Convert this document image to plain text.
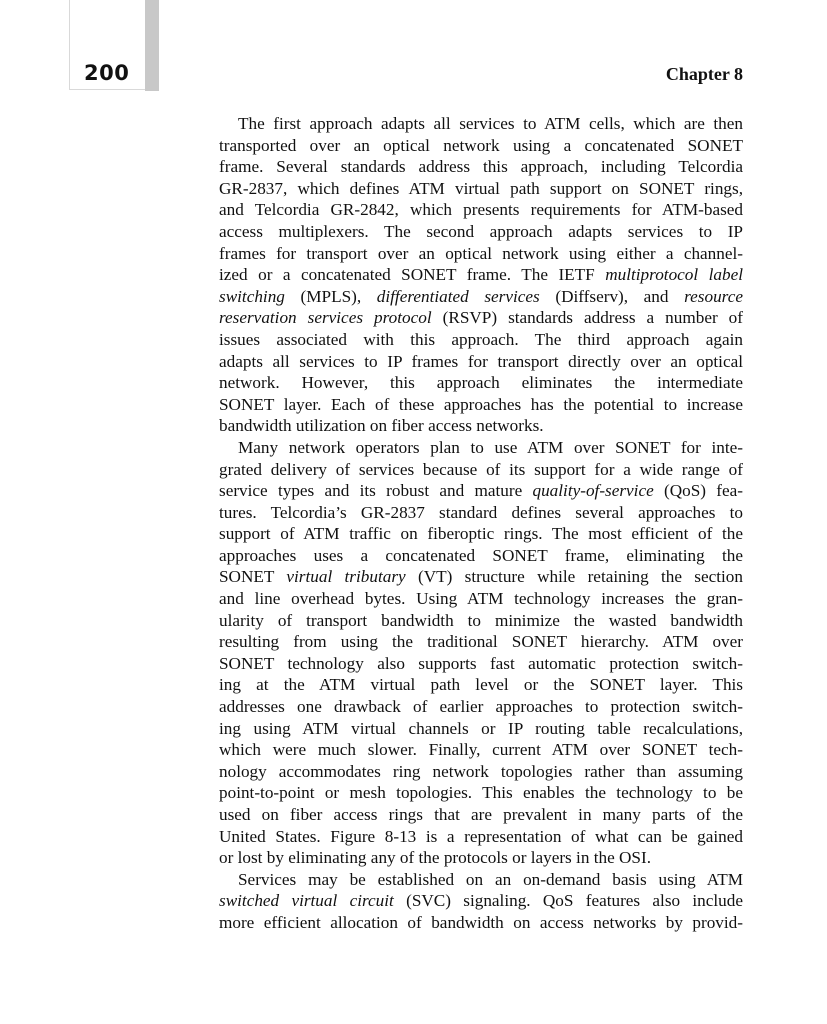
200	Chapter 8
The first approach adapts all services to ATM cells, which are then
transported over an optical network using a concatenated SONET
frame. Several standards address this approach, including Telcordia
GR-2837, which defines ATM virtual path support on SONET rings,
and Telcordia GR-2842, which presents requirements for ATM-based
access multiplexers. The second approach adapts services to IP
frames for transport over an optical network using either a channel-
ized or a concatenated SONET frame. The IETF multiprotocol label
switching (MPLS), differentiated services (Diffserv), and resource
reservation services protocol (RSVP) standards address a number of
issues associated with this approach. The third approach again
adapts all services to IP frames for transport directly over an optical
network. However, this approach eliminates the intermediate
SONET layer. Each of these approaches has the potential to increase
bandwidth utilization on fiber access networks.
Many network operators plan to use ATM over SONET for inte-
grated delivery of services because of its support for a wide range of
service types and its robust and mature quality-of-service (QoS) fea-
tures. Telcordia’s GR-2837 standard defines several approaches to
support of ATM traffic on fiberoptic rings. The most efficient of the
approaches uses a concatenated SONET frame, eliminating the
SONET virtual tributary (VT) structure while retaining the section
and line overhead bytes. Using ATM technology increases the gran-
ularity of transport bandwidth to minimize the wasted bandwidth
resulting from using the traditional SONET hierarchy. ATM over
SONET technology also supports fast automatic protection switch-
ing at the ATM virtual path level or the SONET layer. This
addresses one drawback of earlier approaches to protection switch-
ing using ATM virtual channels or IP routing table recalculations,
which were much slower. Finally, current ATM over SONET tech-
nology accommodates ring network topologies rather than assuming
point-to-point or mesh topologies. This enables the technology to be
used on fiber access rings that are prevalent in many parts of the
United States. Figure 8-13 is a representation of what can be gained
or lost by eliminating any of the protocols or layers in the OSI.
Services may be established on an on-demand basis using ATM
switched virtual circuit (SVC) signaling. QoS features also include
more efficient allocation of bandwidth on access networks by provid-
